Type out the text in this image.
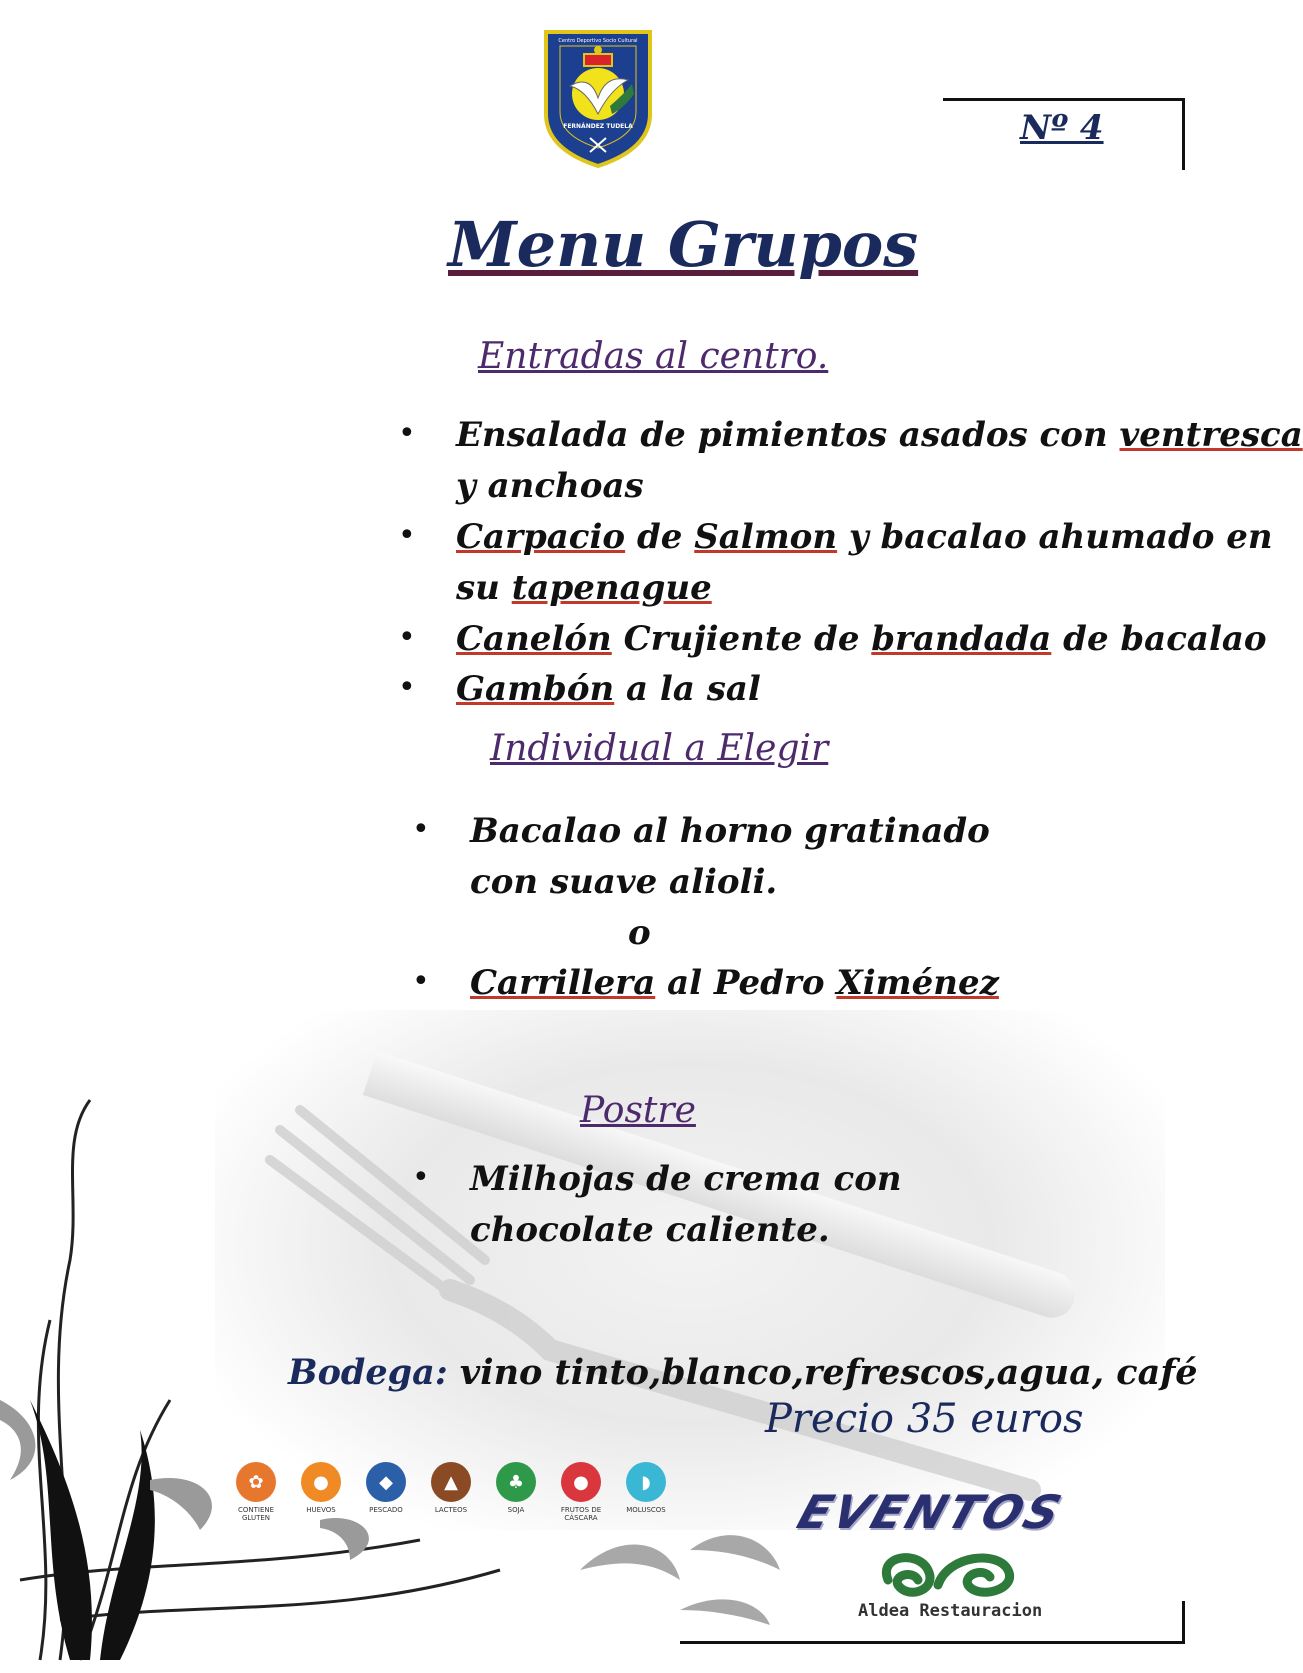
FERNÁNDEZ TUDELA
Centro Deportivo Socio Cultural
Nº 4
Menu Grupos
Entradas al centro.
• Ensalada de pimientos asados con ventresca
y anchoas
• Carpacio de Salmon y bacalao ahumado en
su tapenague
• Canelón Crujiente de brandada de bacalao
• Gambón a la sal
Individual a Elegir
• Bacalao al horno gratinado
con suave alioli.
o
• Carrillera al Pedro Ximénez
Postre
• Milhojas de crema con
chocolate caliente.
Bodega: vino tinto,blanco,refrescos,agua, café
Precio 35 euros
✿
CONTIENE GLUTEN
●
HUEVOS
◆
PESCADO
▲
LACTEOS
♣
SOJA
●
FRUTOS DE CÁSCARA
◗
MOLUSCOS	EVENTOS
Aldea Restauracion
